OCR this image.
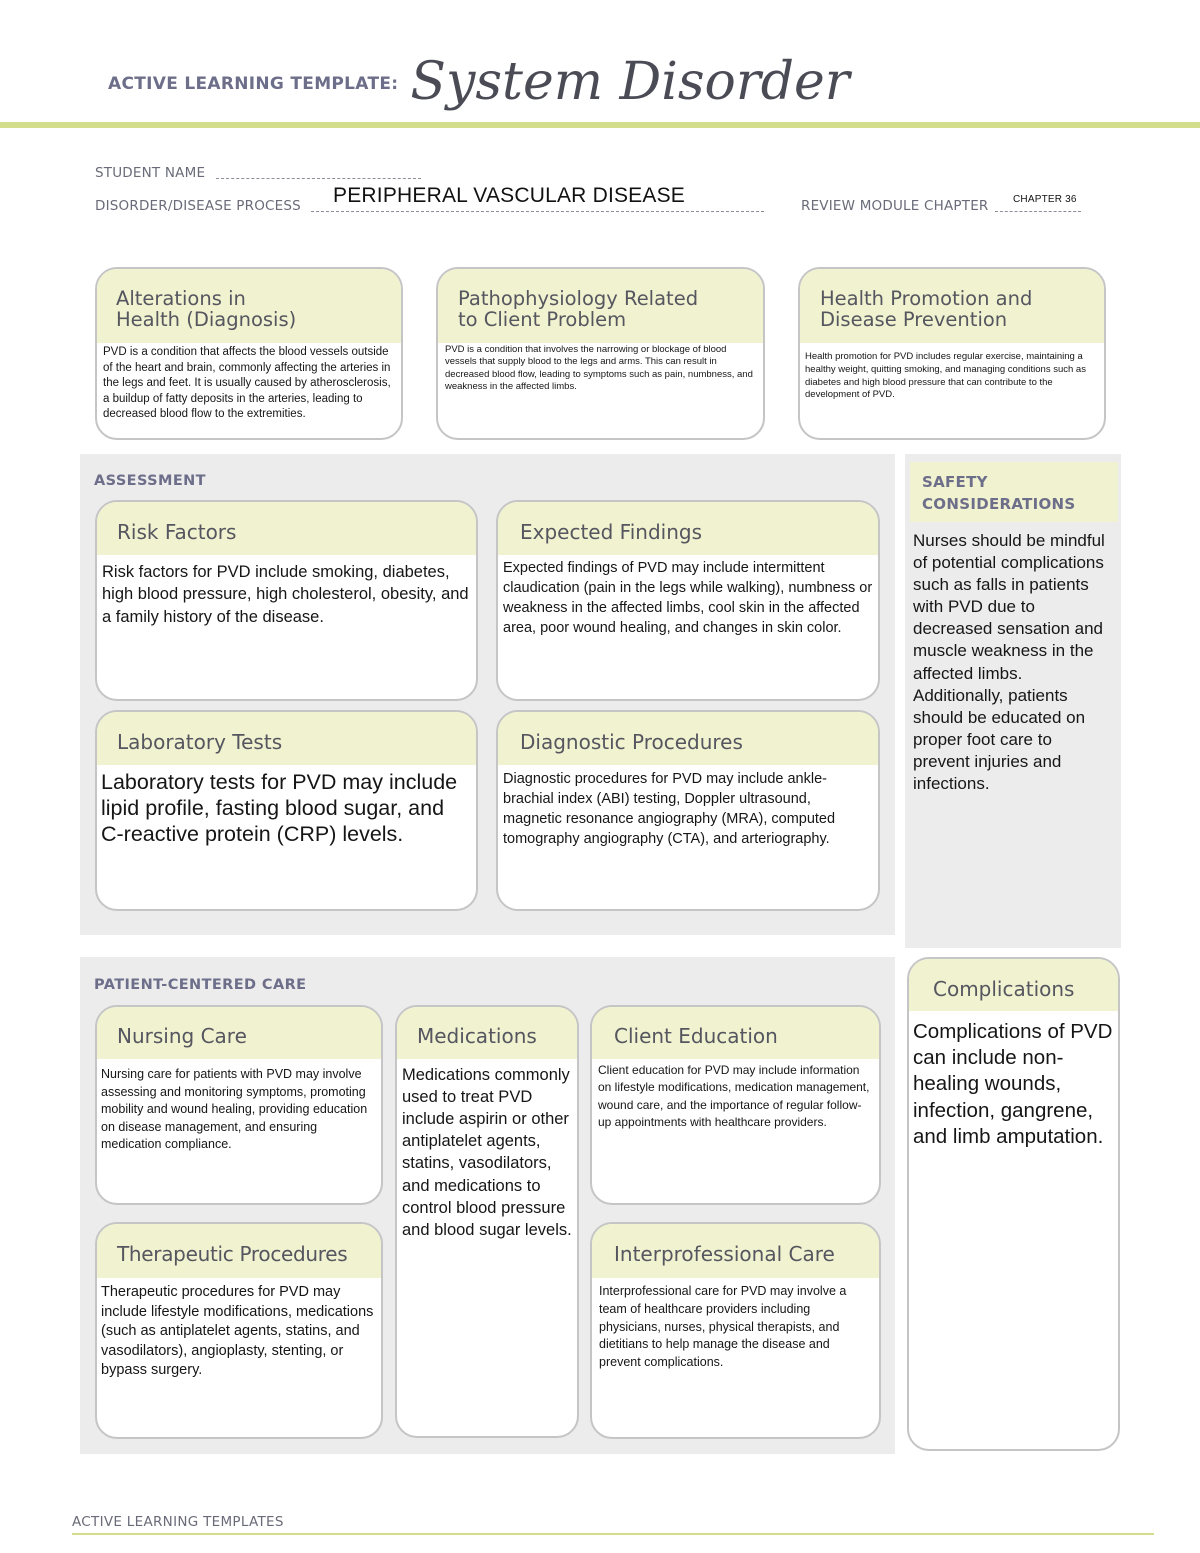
ACTIVE LEARNING TEMPLATE: System Disorder
STUDENT NAME
DISORDER/DISEASE PROCESS	PERIPHERAL VASCULAR DISEASE	REVIEW MODULE CHAPTER	CHAPTER 36
Alterations in
Health (Diagnosis)
PVD is a condition that affects the blood vessels outside of the heart and brain, commonly affecting the arteries in the legs and feet. It is usually caused by atherosclerosis, a buildup of fatty deposits in the arteries, leading to decreased blood flow to the extremities.
Pathophysiology Related
to Client Problem
PVD is a condition that involves the narrowing or blockage of blood vessels that supply blood to the legs and arms. This can result in decreased blood flow, leading to symptoms such as pain, numbness, and weakness in the affected limbs.
Health Promotion and
Disease Prevention
Health promotion for PVD includes regular exercise, maintaining a healthy weight, quitting smoking, and managing conditions such as diabetes and high blood pressure that can contribute to the development of PVD.
ASSESSMENT
Risk Factors
Risk factors for PVD include smoking, diabetes, high blood pressure, high cholesterol, obesity, and a family history of the disease.
Expected Findings
Expected findings of PVD may include intermittent claudication (pain in the legs while walking), numbness or weakness in the affected limbs, cool skin in the affected area, poor wound healing, and changes in skin color.
Laboratory Tests
Laboratory tests for PVD may include lipid profile, fasting blood sugar, and C-reactive protein (CRP) levels.
Diagnostic Procedures
Diagnostic procedures for PVD may include ankle-brachial index (ABI) testing, Doppler ultrasound, magnetic resonance angiography (MRA), computed tomography angiography (CTA), and arteriography.
SAFETY
CONSIDERATIONS
Nurses should be mindful of potential complications such as falls in patients with PVD due to decreased sensation and muscle weakness in the affected limbs. Additionally, patients should be educated on proper foot care to prevent injuries and infections.
PATIENT-CENTERED CARE
Nursing Care
Nursing care for patients with PVD may involve assessing and monitoring symptoms, promoting mobility and wound healing, providing education on disease management, and ensuring medication compliance.
Medications
Medications commonly used to treat PVD include aspirin or other antiplatelet agents, statins, vasodilators, and medications to control blood pressure and blood sugar levels.
Client Education
Client education for PVD may include information on lifestyle modifications, medication management, wound care, and the importance of regular follow-up appointments with healthcare providers.
Therapeutic Procedures
Therapeutic procedures for PVD may include lifestyle modifications, medications (such as antiplatelet agents, statins, and vasodilators), angioplasty, stenting, or bypass surgery.
Interprofessional Care
Interprofessional care for PVD may involve a team of healthcare providers including physicians, nurses, physical therapists, and dietitians to help manage the disease and prevent complications.
Complications
Complications of PVD can include non-healing wounds, infection, gangrene, and limb amputation.
ACTIVE LEARNING TEMPLATES
